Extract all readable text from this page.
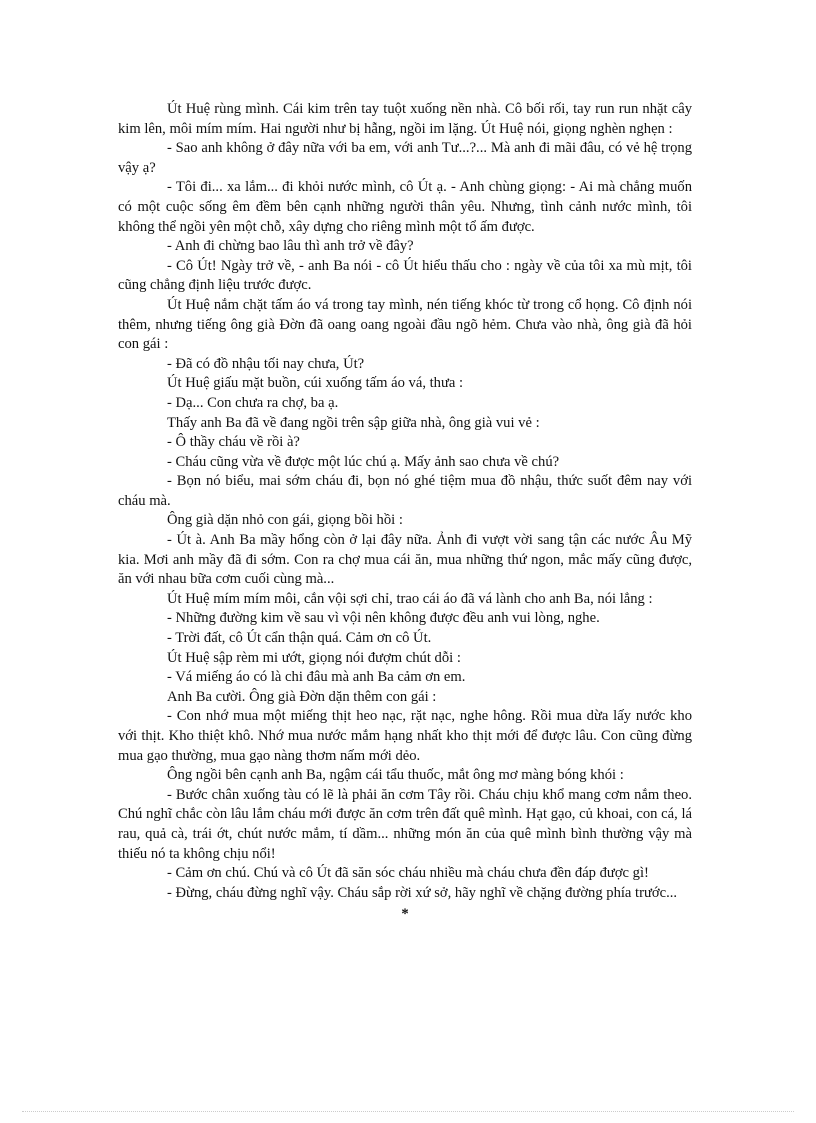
Út Huệ rùng mình. Cái kim trên tay tuột xuống nền nhà. Cô bối rối, tay run run nhặt cây kim lên, môi mím mím. Hai người như bị hẫng, ngồi im lặng. Út Huệ nói, giọng nghèn nghẹn :

- Sao anh không ở đây nữa với ba em, với anh Tư...?... Mà anh đi mãi đâu, có vẻ hệ trọng vậy ạ?

- Tôi đi... xa lắm... đi khỏi nước mình, cô Út ạ. - Anh chùng giọng: - Ai mà chẳng muốn có một cuộc sống êm đềm bên cạnh những người thân yêu. Nhưng, tình cảnh nước mình, tôi không thể ngồi yên một chỗ, xây dựng cho riêng mình một tổ ấm được.

- Anh đi chừng bao lâu thì anh trở về đây?

- Cô Út! Ngày trở về, - anh Ba nói - cô Út hiểu thấu cho : ngày về của tôi xa mù mịt, tôi cũng chẳng định liệu trước được.

Út Huệ nắm chặt tấm áo vá trong tay mình, nén tiếng khóc từ trong cổ họng. Cô định nói thêm, nhưng tiếng ông già Đờn đã oang oang ngoài đầu ngõ hẻm. Chưa vào nhà, ông già đã hỏi con gái :

- Đã có đồ nhậu tối nay chưa, Út?

Út Huệ giấu mặt buồn, cúi xuống tấm áo vá, thưa :

- Dạ... Con chưa ra chợ, ba ạ.

Thấy anh Ba đã về đang ngồi trên sập giữa nhà, ông già vui vẻ :

- Ô thầy cháu về rồi à?

- Cháu cũng vừa về được một lúc chú ạ. Mấy ảnh sao chưa về chú?

- Bọn nó biểu, mai sớm cháu đi, bọn nó ghé tiệm mua đồ nhậu, thức suốt đêm nay với cháu mà.

Ông già dặn nhỏ con gái, giọng bồi hồi :

- Út à. Anh Ba mầy hổng còn ở lại đây nữa. Ảnh đi vượt vời sang tận các nước Âu Mỹ kia. Mơi anh mầy đã đi sớm. Con ra chợ mua cái ăn, mua những thứ ngon, mắc mấy cũng được, ăn với nhau bữa cơm cuối cùng mà...

Út Huệ mím mím môi, cắn vội sợi chỉ, trao cái áo đã vá lành cho anh Ba, nói lẳng :

- Những đường kim về sau vì vội nên không được đều anh vui lòng, nghe.

- Trời đất, cô Út cẩn thận quá. Cảm ơn cô Út.

Út Huệ sập rèm mi ướt, giọng nói đượm chút dỗi :

- Vá miếng áo có là chi đâu mà anh Ba cảm ơn em.

Anh Ba cười. Ông già Đờn dặn thêm con gái :

- Con nhớ mua một miếng thịt heo nạc, rặt nạc, nghe hông. Rồi mua dừa lấy nước kho với thịt. Kho thiệt khô. Nhớ mua nước mắm hạng nhất kho thịt mới để được lâu. Con cũng đừng mua gạo thường, mua gạo nàng thơm nấm mới dẻo.

Ông ngồi bên cạnh anh Ba, ngậm cái tẩu thuốc, mắt ông mơ màng bóng khói :

- Bước chân xuống tàu có lẽ là phải ăn cơm Tây rồi. Cháu chịu khổ mang cơm nắm theo. Chú nghĩ chắc còn lâu lắm cháu mới được ăn cơm trên đất quê mình. Hạt gạo, củ khoai, con cá, lá rau, quả cà, trái ớt, chút nước mắm, tí dầm... những món ăn của quê mình bình thường vậy mà thiếu nó ta không chịu nổi!

- Cảm ơn chú. Chú và cô Út đã săn sóc cháu nhiều mà cháu chưa đền đáp được gì!

- Đừng, cháu đừng nghĩ vậy. Cháu sắp rời xứ sở, hãy nghĩ về chặng đường phía trước...

*
